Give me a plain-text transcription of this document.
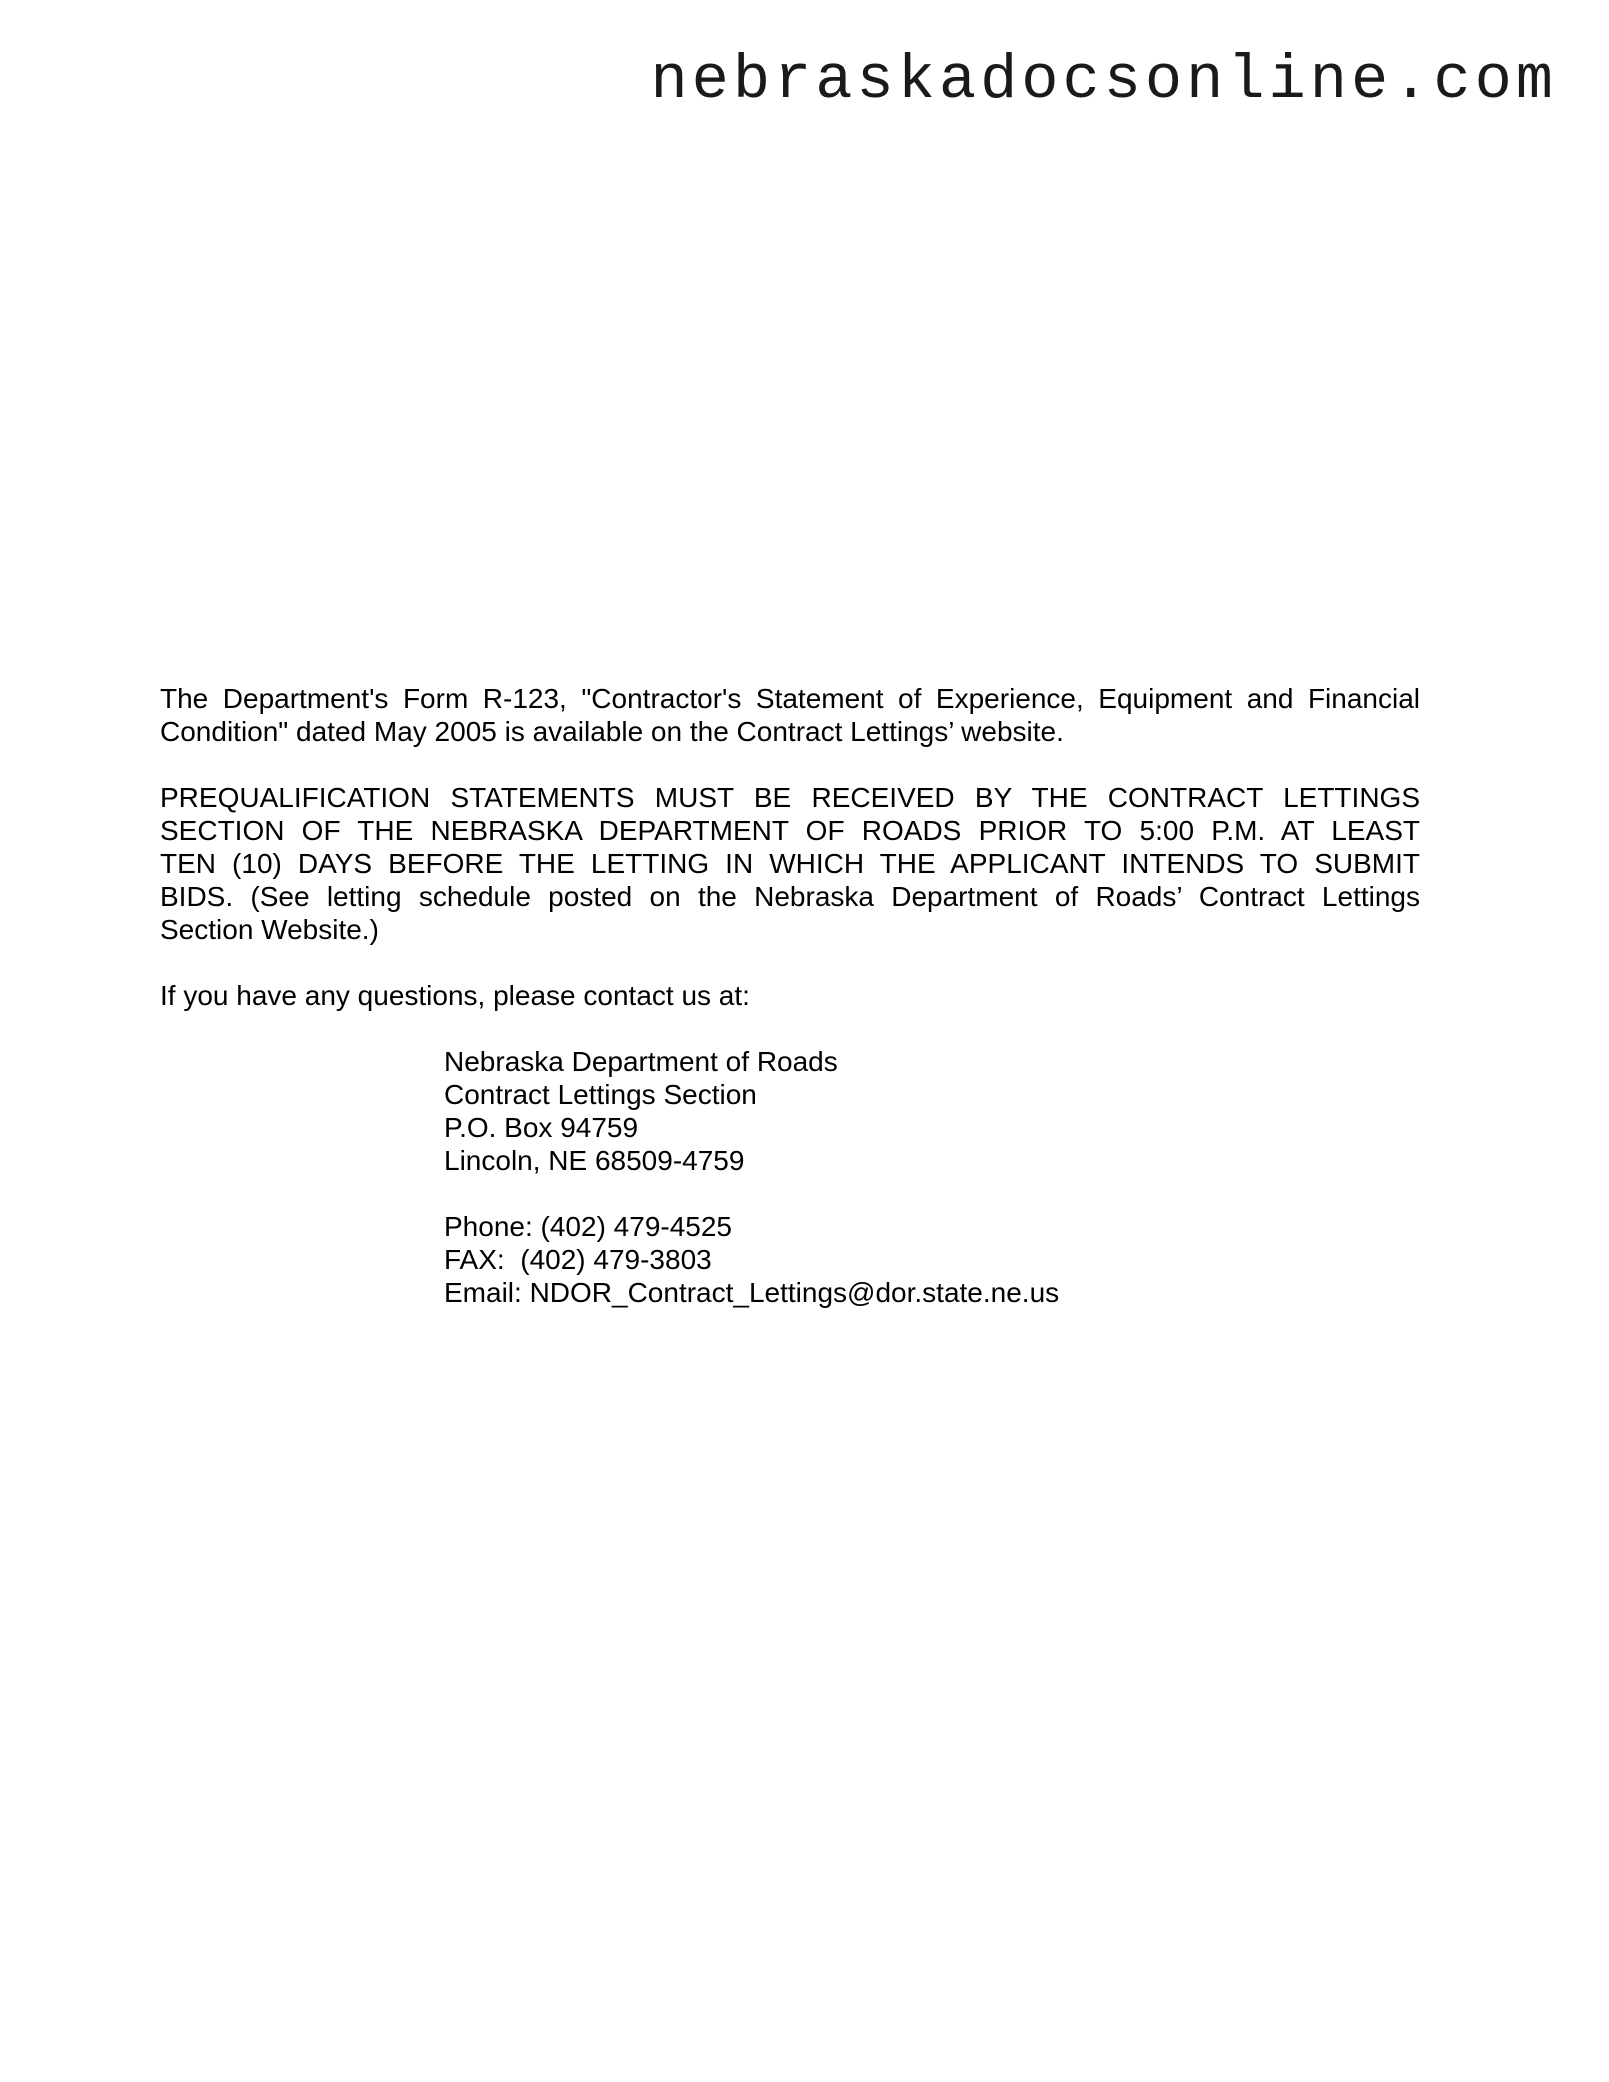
nebraskadocsonline.com
The Department's Form R-123, "Contractor's Statement of Experience, Equipment and Financial
Condition" dated May 2005 is available on the Contract Lettings’ website.
PREQUALIFICATION STATEMENTS MUST BE RECEIVED BY THE CONTRACT LETTINGS
SECTION OF THE NEBRASKA DEPARTMENT OF ROADS PRIOR TO 5:00 P.M. AT LEAST
TEN (10) DAYS BEFORE THE LETTING IN WHICH THE APPLICANT INTENDS TO SUBMIT
BIDS. (See letting schedule posted on the Nebraska Department of Roads’ Contract Lettings
Section Website.)
If you have any questions, please contact us at:
Nebraska Department of Roads
Contract Lettings Section
P.O. Box 94759
Lincoln, NE 68509-4759
Phone: (402) 479-4525
FAX:  (402) 479-3803
Email: NDOR_Contract_Lettings@dor.state.ne.us
